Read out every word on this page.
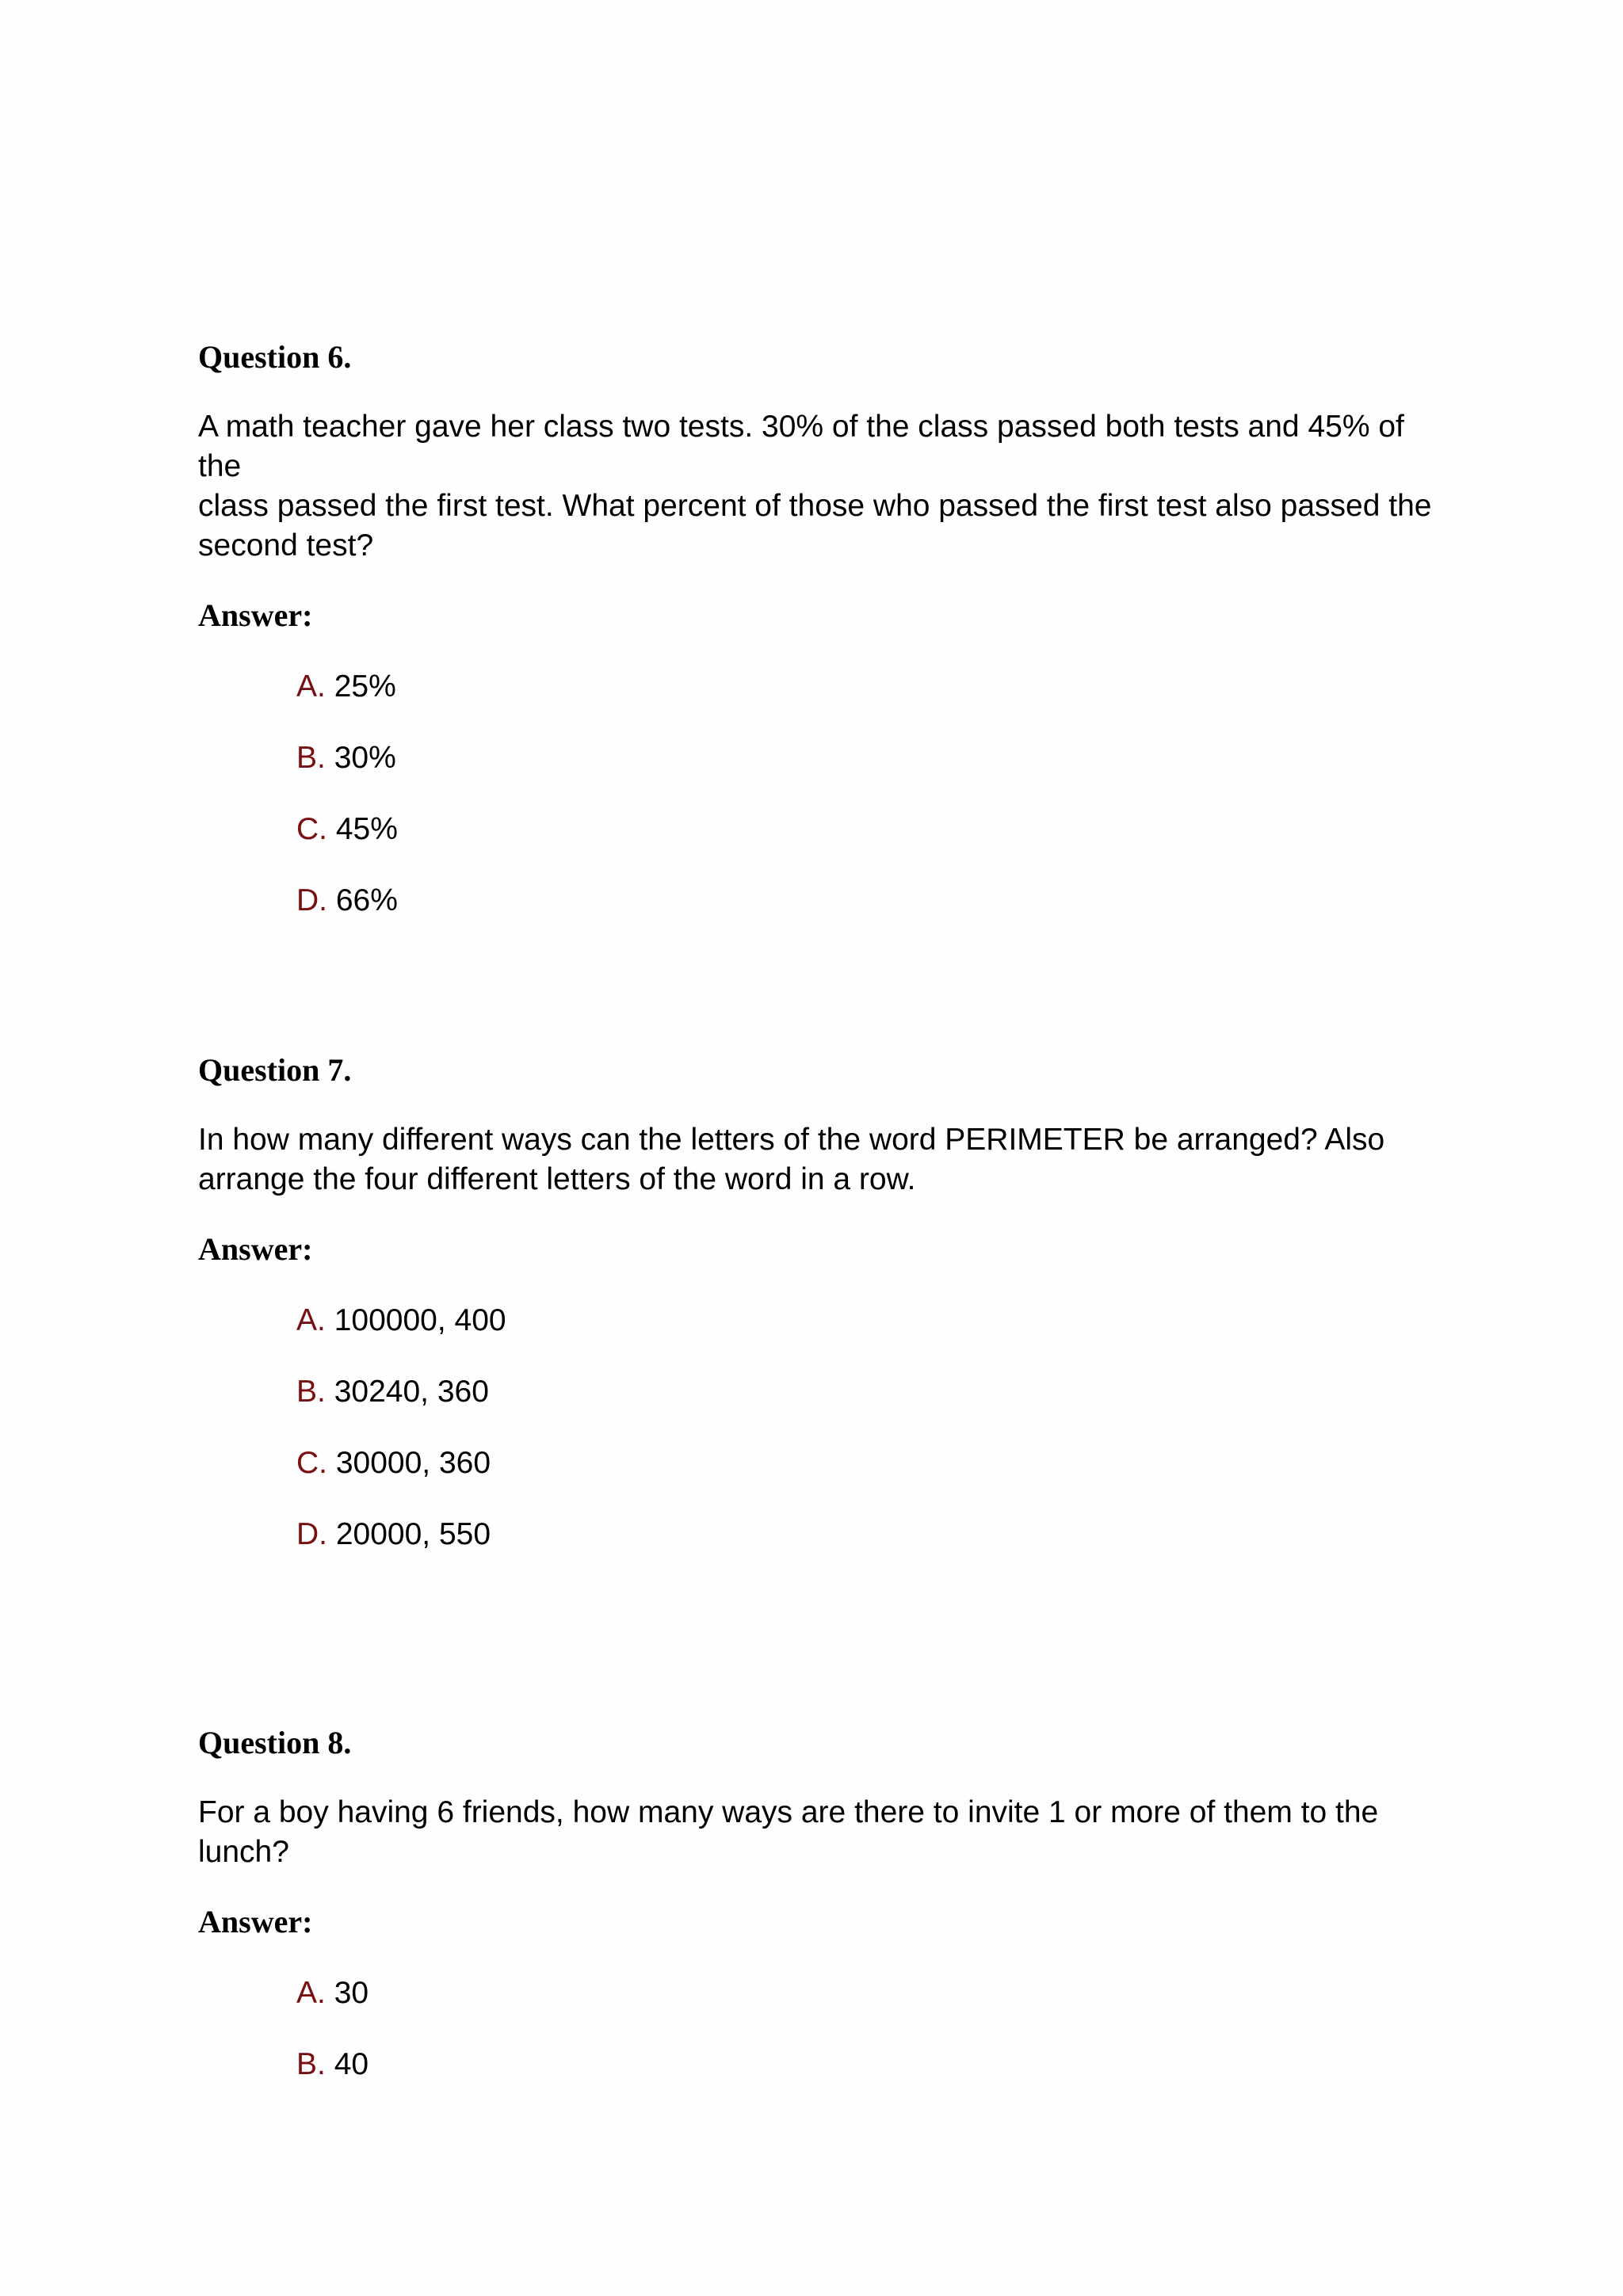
Question 6.
A math teacher gave her class two tests. 30% of the class passed both tests and 45% of the
class passed the first test. What percent of those who passed the first test also passed the
second test?
Answer:
A. 25%
B. 30%
C. 45%
D. 66%
Question 7.
In how many different ways can the letters of the word PERIMETER be arranged? Also
arrange the four different letters of the word in a row.
Answer:
A. 100000, 400
B. 30240, 360
C. 30000, 360
D. 20000, 550
Question 8.
For a boy having 6 friends, how many ways are there to invite 1 or more of them to the
lunch?
Answer:
A. 30
B. 40
